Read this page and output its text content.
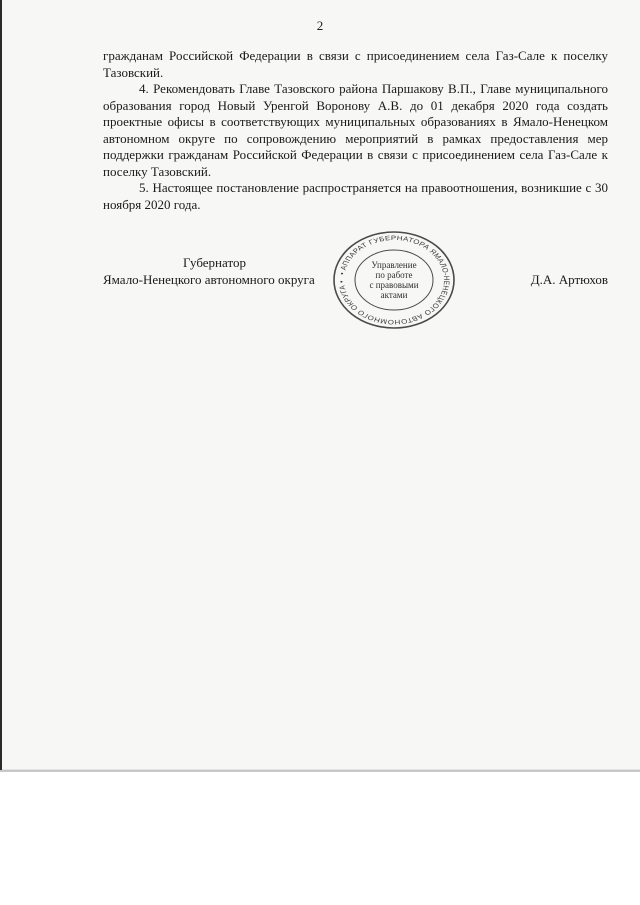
2

гражданам Российской Федерации в связи с присоединением села Газ-Сале к поселку Тазовский.

4. Рекомендовать Главе Тазовского района Паршакову В.П., Главе муниципального образования город Новый Уренгой Воронову А.В. до 01 декабря 2020 года создать проектные офисы в соответствующих муниципальных образованиях в Ямало-Ненецком автономном округе по сопровождению мероприятий в рамках предоставления мер поддержки гражданам Российской Федерации в связи с присоединением села Газ-Сале к поселку Тазовский.

5. Настоящее постановление распространяется на правоотношения, возникшие с 30 ноября 2020 года.

Губернатор
Ямало-Ненецкого автономного округа	Д.А. Артюхов
• АППАРАТ ГУБЕРНАТОРА ЯМАЛО-НЕНЕЦКОГО АВТОНОМНОГО ОКРУГА •
Управление
по работе
с правовыми
актами
